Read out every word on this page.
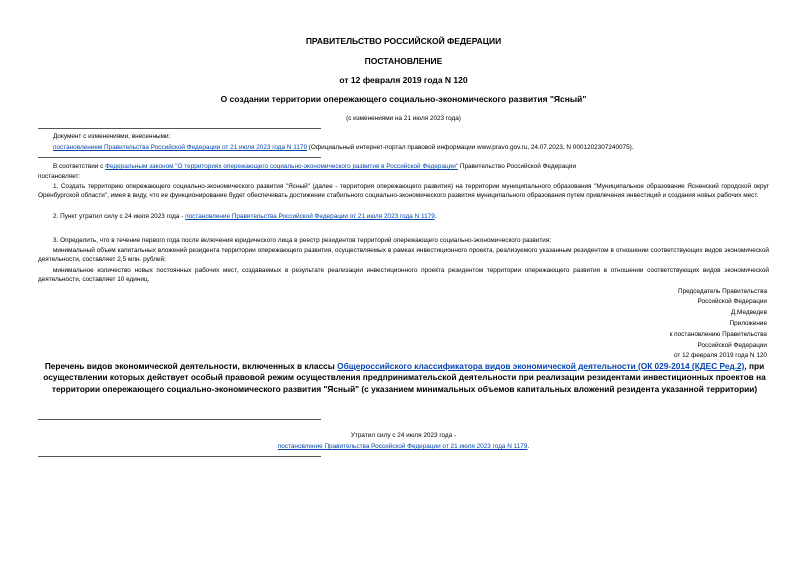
ПРАВИТЕЛЬСТВО РОССИЙСКОЙ ФЕДЕРАЦИИ
ПОСТАНОВЛЕНИЕ
от 12 февраля 2019 года N 120
О создании территории опережающего социально-экономического развития "Ясный"
(с изменениями на 21 июля 2023 года)
Документ с изменениями, внесенными:
постановлением Правительства Российской Федерации от 21 июля 2023 года N 1179 (Официальный интернет-портал правовой информации www.pravo.gov.ru, 24.07.2023, N 0001202307240075).
В соответствии с Федеральным законом "О территориях опережающего социально-экономического развития в Российской Федерации" Правительство Российской Федерации
постановляет:
1. Создать территорию опережающего социально-экономического развития "Ясный" (далее - территория опережающего развития) на территории муниципального образования "Муниципальное образование Ясненский городской округ Оренбургской области", имея в виду, что ее функционирование будет обеспечивать достижение стабильного социально-экономического развития муниципального образования путем привлечения инвестиций и создания новых рабочих мест.
2. Пункт утратил силу с 24 июля 2023 года - постановление Правительства Российской Федерации от 21 июля 2023 года N 1179.
3. Определить, что в течение первого года после включения юридического лица в реестр резидентов территорий опережающего социально-экономического развития:
минимальный объем капитальных вложений резидента территории опережающего развития, осуществляемых в рамках инвестиционного проекта, реализуемого указанным резидентом в отношении соответствующих видов экономической деятельности, составляет 2,5 млн. рублей;
минимальное количество новых постоянных рабочих мест, создаваемых в результате реализации инвестиционного проекта резидентом территории опережающего развития в отношении соответствующих видов экономической деятельности, составляет 10 единиц.
Председатель Правительства
Российской Федерации
Д.Медведев
Приложение
к постановлению Правительства
Российской Федерации
от 12 февраля 2019 года N 120
Перечень видов экономической деятельности, включенных в классы Общероссийского классификатора видов экономической деятельности (ОК 029-2014 (КДЕС Ред.2), при осуществлении которых действует особый правовой режим осуществления предпринимательской деятельности при реализации резидентами инвестиционных проектов на территории опережающего социально-экономического развития "Ясный" (с указанием минимальных объемов капитальных вложений резидента указанной территории)
Утратил силу с 24 июля 2023 года -
постановление Правительства Российской Федерации от 21 июля 2023 года N 1179.
